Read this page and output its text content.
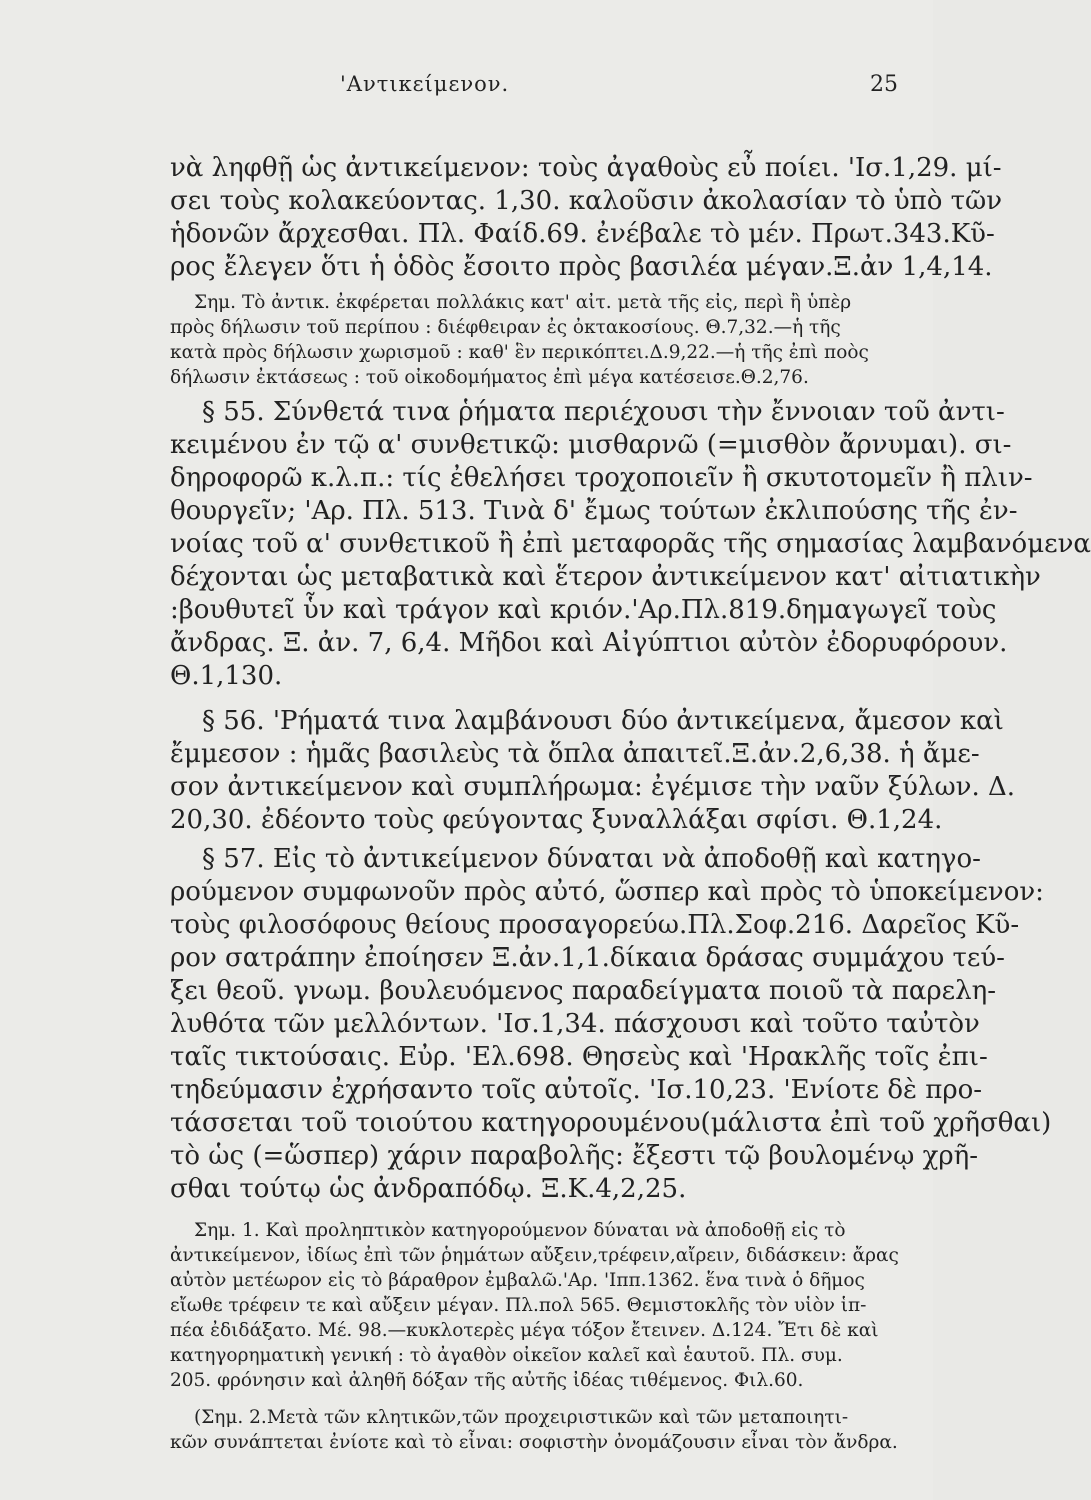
'Αντικείμενον.	25
νὰ ληφθῇ ὡς ἀντικείμενον: τοὺς ἀγαθοὺς εὖ ποίει. 'Ισ.1,29. μί-
σει τοὺς κολακεύοντας. 1,30. καλοῦσιν ἀκολασίαν τὸ ὑπὸ τῶν
ἡδονῶν ἄρχεσθαι. Πλ. Φαίδ.69. ἐνέβαλε τὸ μέν. Πρωτ.343.Κῦ-
ρος ἔλεγεν ὅτι ἡ ὁδὸς ἔσοιτο πρὸς βασιλέα μέγαν.Ξ.ἀν 1,4,14.
Σημ. Τὸ ἀντικ. ἐκφέρεται πολλάκις κατ' αἰτ. μετὰ τῆς εἰς, περὶ ἢ ὑπὲρ
πρὸς δήλωσιν τοῦ περίπου : διέφθειραν ἐς ὀκτακοσίους. Θ.7,32.—ἡ τῆς
κατὰ πρὸς δήλωσιν χωρισμοῦ : καθ' ἓν περικόπτει.Δ.9,22.—ἡ τῆς ἐπὶ ποὸς
δήλωσιν ἐκτάσεως : τοῦ οἰκοδομήματος ἐπὶ μέγα κατέσεισε.Θ.2,76.
§ 55. Σύνθετά τινα ῥήματα περιέχουσι τὴν ἔννοιαν τοῦ ἀντι-
κειμένου ἐν τῷ α' συνθετικῷ: μισθαρνῶ (=μισθὸν ἄρνυμαι). σι-
δηροφορῶ κ.λ.π.: τίς ἐθελήσει τροχοποιεῖν ἢ σκυτοτομεῖν ἢ πλιν-
θουργεῖν; 'Αρ. Πλ. 513. Τινὰ δ' ἔμως τούτων ἐκλιπούσης τῆς ἐν-
νοίας τοῦ α' συνθετικοῦ ἢ ἐπὶ μεταφορᾶς τῆς σημασίας λαμβανόμενα
δέχονται ὡς μεταβατικὰ καὶ ἕτερον ἀντικείμενον κατ' αἰτιατικὴν
:βουθυτεῖ ὗν καὶ τράγον καὶ κριόν.'Αρ.Πλ.819.δημαγωγεῖ τοὺς
ἄνδρας. Ξ. ἀν. 7, 6,4. Μῆδοι καὶ Αἰγύπτιοι αὐτὸν ἐδορυφόρουν.
Θ.1,130.
§ 56. 'Ρήματά τινα λαμβάνουσι δύο ἀντικείμενα, ἄμεσον καὶ
ἔμμεσον : ἡμᾶς βασιλεὺς τὰ ὅπλα ἀπαιτεῖ.Ξ.ἀν.2,6,38. ἡ ἄμε-
σον ἀντικείμενον καὶ συμπλήρωμα: ἐγέμισε τὴν ναῦν ξύλων. Δ.
20,30. ἐδέοντο τοὺς φεύγοντας ξυναλλάξαι σφίσι. Θ.1,24.
§ 57. Εἰς τὸ ἀντικείμενον δύναται νὰ ἀποδοθῇ καὶ κατηγο-
ρούμενον συμφωνοῦν πρὸς αὐτό, ὥσπερ καὶ πρὸς τὸ ὑποκείμενον:
τοὺς φιλοσόφους θείους προσαγορεύω.Πλ.Σοφ.216. Δαρεῖος Κῦ-
ρον σατράπην ἐποίησεν Ξ.ἀν.1,1.δίκαια δράσας συμμάχου τεύ-
ξει θεοῦ. γνωμ. βουλευόμενος παραδείγματα ποιοῦ τὰ παρελη-
λυθότα τῶν μελλόντων. 'Ισ.1,34. πάσχουσι καὶ τοῦτο ταὐτὸν
ταῖς τικτούσαις. Εὐρ. 'Ελ.698. Θησεὺς καὶ 'Ηρακλῆς τοῖς ἐπι-
τηδεύμασιν ἐχρήσαντο τοῖς αὐτοῖς. 'Ισ.10,23. 'Ενίοτε δὲ προ-
τάσσεται τοῦ τοιούτου κατηγορουμένου(μάλιστα ἐπὶ τοῦ χρῆσθαι)
τὸ ὡς (=ὥσπερ) χάριν παραβολῆς: ἔξεστι τῷ βουλομένῳ χρῆ-
σθαι τούτῳ ὡς ἀνδραπόδῳ. Ξ.Κ.4,2,25.
Σημ. 1. Καὶ προληπτικὸν κατηγορούμενον δύναται νὰ ἀποδοθῇ εἰς τὸ
ἀντικείμενον, ἰδίως ἐπὶ τῶν ῥημάτων αὔξειν,τρέφειν,αἴρειν, διδάσκειν: ἄρας
αὐτὸν μετέωρον εἰς τὸ βάραθρον ἐμβαλῶ.'Αρ. 'Ιππ.1362. ἕνα τινὰ ὁ δῆμος
εἴωθε τρέφειν τε καὶ αὔξειν μέγαν. Πλ.πολ 565. Θεμιστοκλῆς τὸν υἱὸν ἱπ-
πέα ἐδιδάξατο. Μέ. 98.—κυκλοτερὲς μέγα τόξον ἔτεινεν. Δ.124. Ἔτι δὲ καὶ
κατηγορηματικὴ γενική : τὸ ἀγαθὸν οἰκεῖον καλεῖ καὶ ἑαυτοῦ. Πλ. συμ.
205. φρόνησιν καὶ ἀληθῆ δόξαν τῆς αὐτῆς ἰδέας τιθέμενος. Φιλ.60.
(Σημ. 2.Μετὰ τῶν κλητικῶν,τῶν προχειριστικῶν καὶ τῶν μεταποιητι-
κῶν συνάπτεται ἐνίοτε καὶ τὸ εἶναι: σοφιστὴν ὀνομάζουσιν εἶναι τὸν ἄνδρα.
